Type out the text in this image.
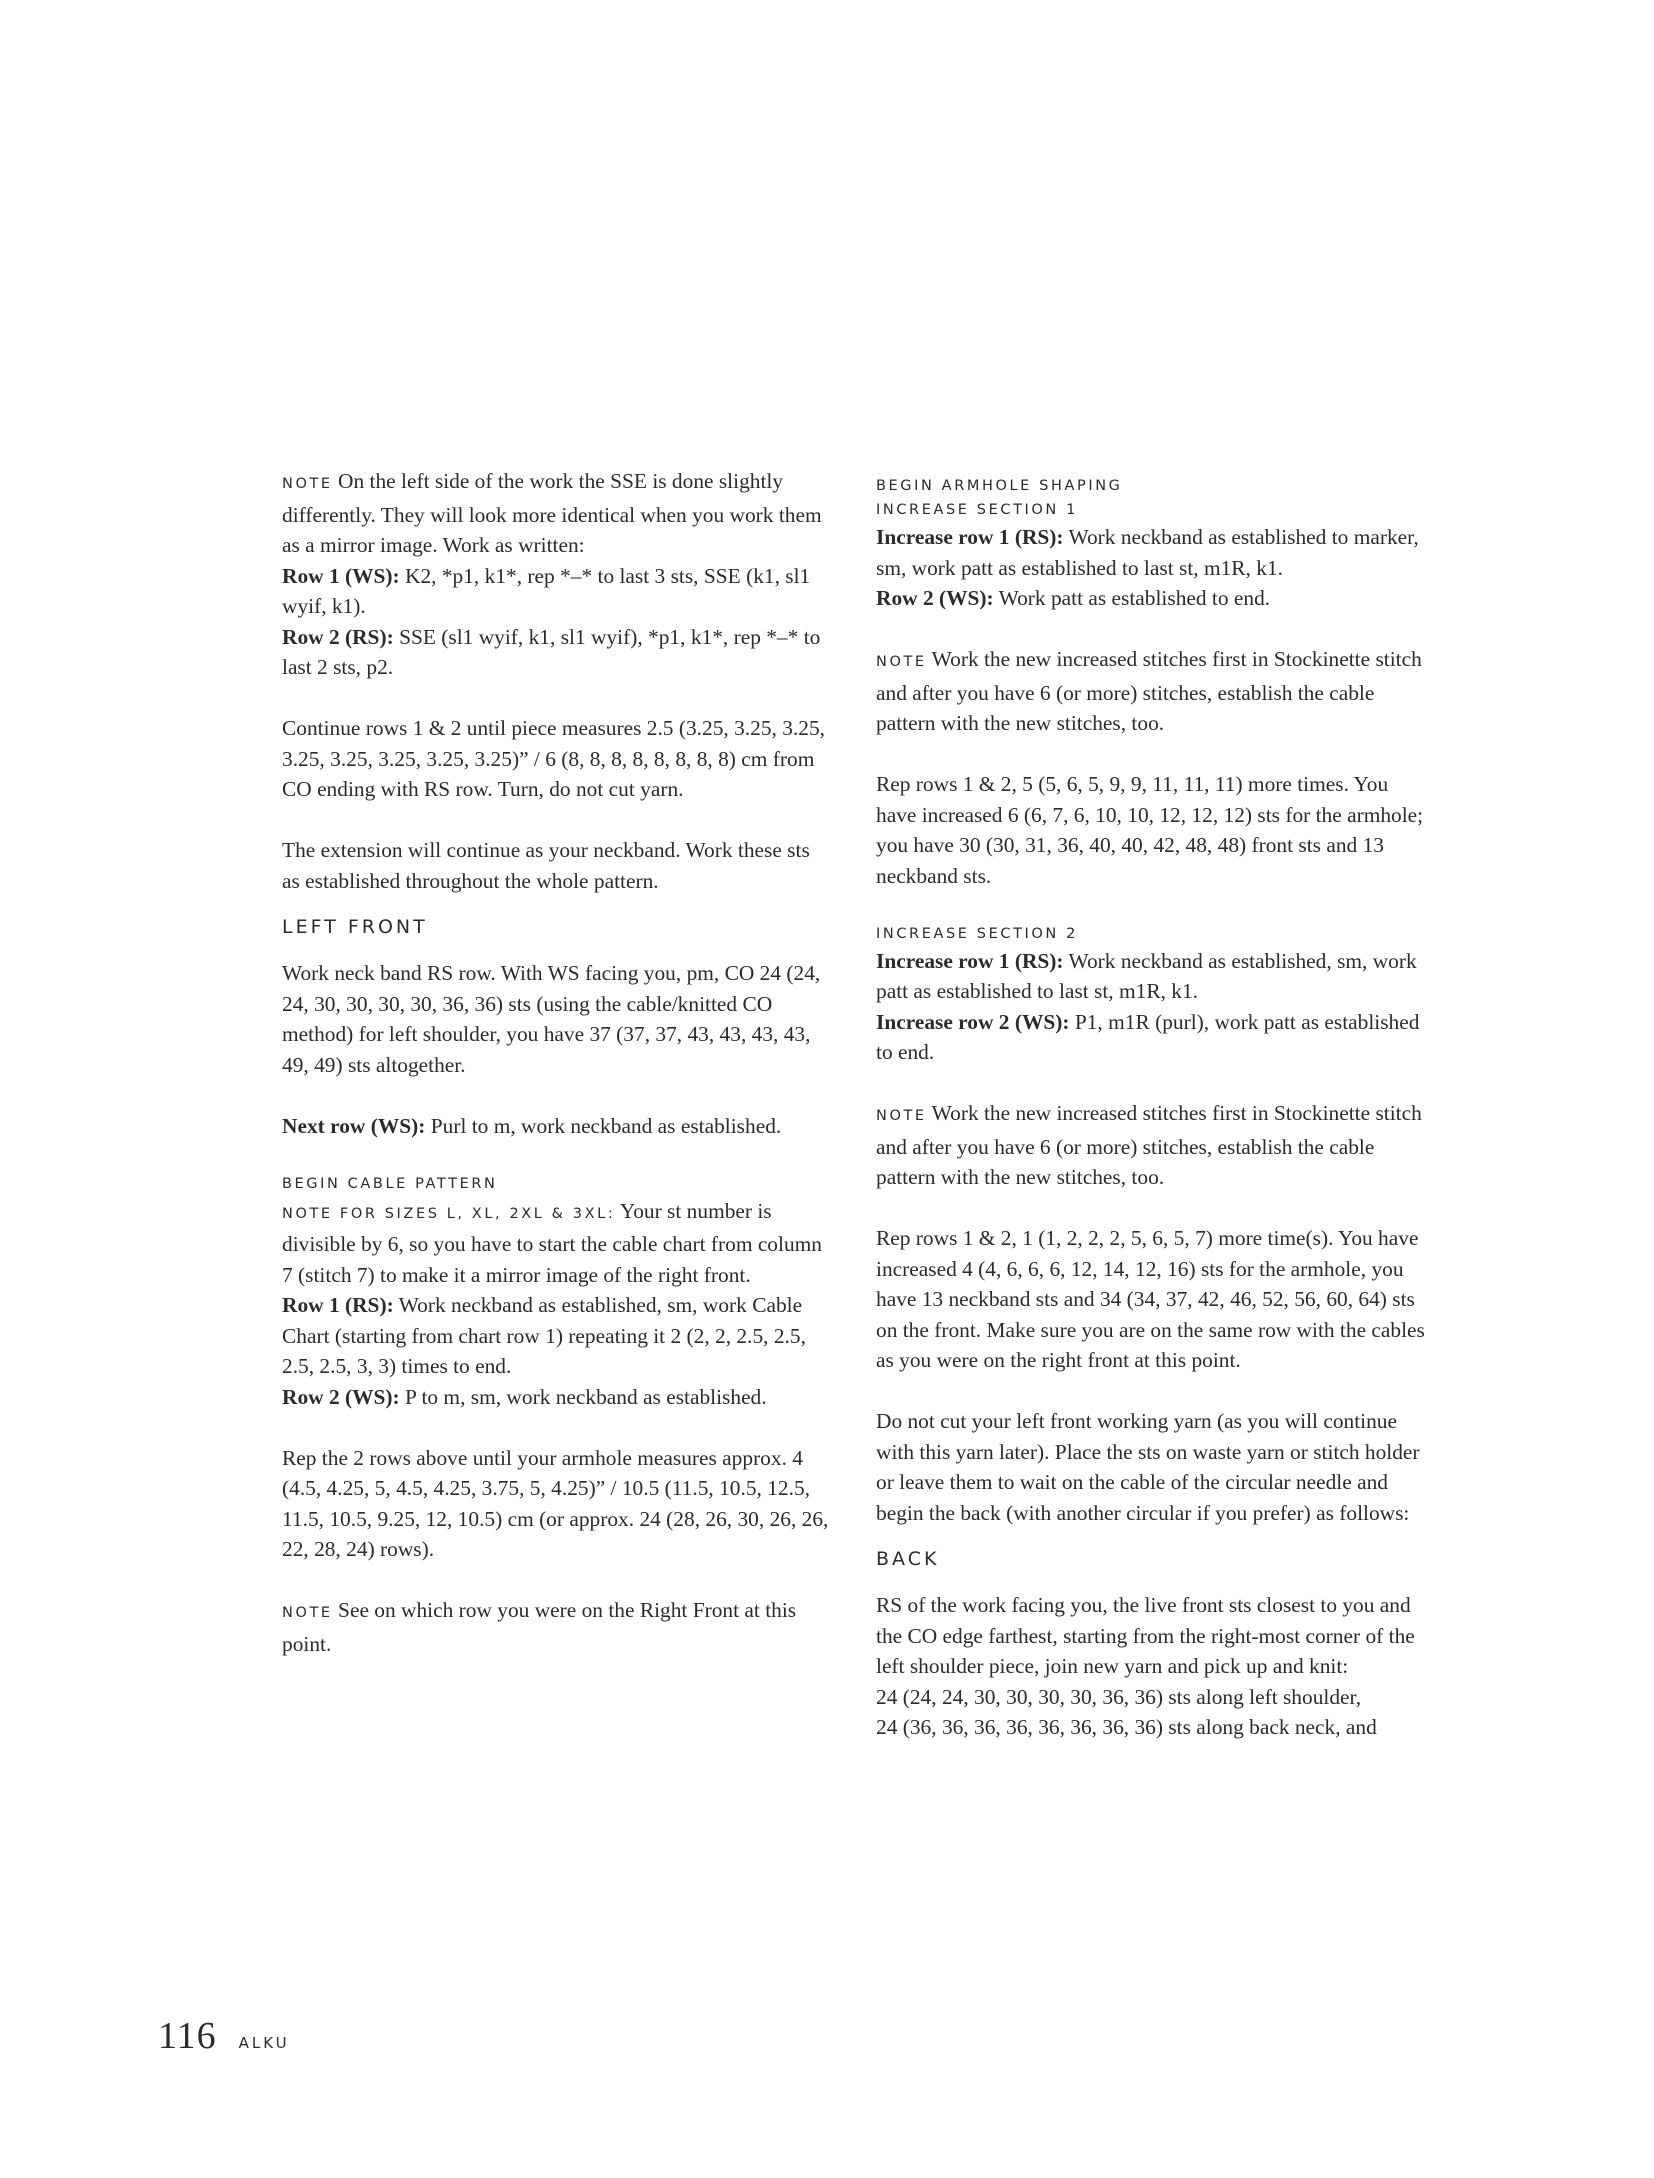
NOTE On the left side of the work the SSE is done slightly differently. They will look more identical when you work them as a mirror image. Work as written:

Row 1 (WS): K2, *p1, k1*, rep *–* to last 3 sts, SSE (k1, sl1 wyif, k1).

Row 2 (RS): SSE (sl1 wyif, k1, sl1 wyif), *p1, k1*, rep *–* to last 2 sts, p2.

Continue rows 1 & 2 until piece measures 2.5 (3.25, 3.25, 3.25, 3.25, 3.25, 3.25, 3.25, 3.25)” / 6 (8, 8, 8, 8, 8, 8, 8, 8) cm from CO ending with RS row. Turn, do not cut yarn.

The extension will continue as your neckband. Work these sts as established throughout the whole pattern.

LEFT FRONT

Work neck band RS row. With WS facing you, pm, CO 24 (24, 24, 30, 30, 30, 30, 36, 36) sts (using the cable/knitted CO method) for left shoulder, you have 37 (37, 37, 43, 43, 43, 43, 49, 49) sts altogether.

Next row (WS): Purl to m, work neckband as established.

BEGIN CABLE PATTERN

NOTE FOR SIZES L, XL, 2XL & 3XL: Your st number is divisible by 6, so you have to start the cable chart from column 7 (stitch 7) to make it a mirror image of the right front.

Row 1 (RS): Work neckband as established, sm, work Cable Chart (starting from chart row 1) repeating it 2 (2, 2, 2.5, 2.5, 2.5, 2.5, 3, 3) times to end.

Row 2 (WS): P to m, sm, work neckband as established.

Rep the 2 rows above until your armhole measures approx. 4 (4.5, 4.25, 5, 4.5, 4.25, 3.75, 5, 4.25)” / 10.5 (11.5, 10.5, 12.5, 11.5, 10.5, 9.25, 12, 10.5) cm (or approx. 24 (28, 26, 30, 26, 26, 22, 28, 24) rows).

NOTE See on which row you were on the Right Front at this point.

BEGIN ARMHOLE SHAPING
INCREASE SECTION 1

Increase row 1 (RS): Work neckband as established to marker, sm, work patt as established to last st, m1R, k1.

Row 2 (WS): Work patt as established to end.

NOTE Work the new increased stitches first in Stockinette stitch and after you have 6 (or more) stitches, establish the cable pattern with the new stitches, too.

Rep rows 1 & 2, 5 (5, 6, 5, 9, 9, 11, 11, 11) more times. You have increased 6 (6, 7, 6, 10, 10, 12, 12, 12) sts for the armhole; you have 30 (30, 31, 36, 40, 40, 42, 48, 48) front sts and 13 neckband sts.

INCREASE SECTION 2

Increase row 1 (RS): Work neckband as established, sm, work patt as established to last st, m1R, k1.

Increase row 2 (WS): P1, m1R (purl), work patt as established to end.

NOTE Work the new increased stitches first in Stockinette stitch and after you have 6 (or more) stitches, establish the cable pattern with the new stitches, too.

Rep rows 1 & 2, 1 (1, 2, 2, 2, 5, 6, 5, 7) more time(s). You have increased 4 (4, 6, 6, 6, 12, 14, 12, 16) sts for the armhole, you have 13 neckband sts and 34 (34, 37, 42, 46, 52, 56, 60, 64) sts on the front. Make sure you are on the same row with the cables as you were on the right front at this point.

Do not cut your left front working yarn (as you will continue with this yarn later). Place the sts on waste yarn or stitch holder or leave them to wait on the cable of the circular needle and begin the back (with another circular if you prefer) as follows:

BACK

RS of the work facing you, the live front sts closest to you and the CO edge farthest, starting from the right-most corner of the left shoulder piece, join new yarn and pick up and knit:

24 (24, 24, 30, 30, 30, 30, 36, 36) sts along left shoulder,

24 (36, 36, 36, 36, 36, 36, 36, 36) sts along back neck, and

116 ALKU
